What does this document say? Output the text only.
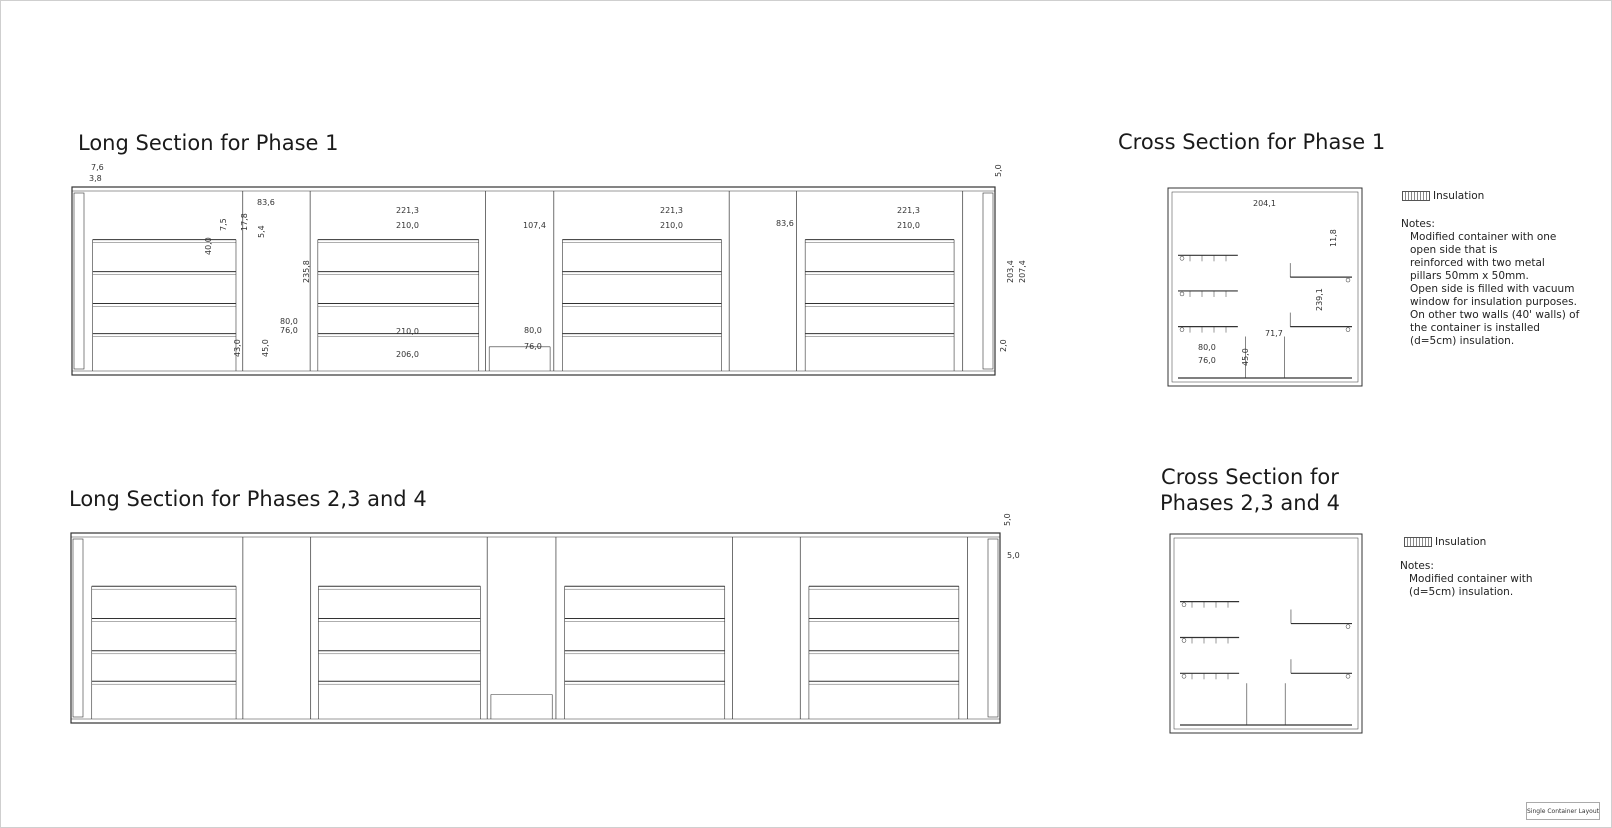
Long Section for Phase 1
Long Section for Phases 2,3 and 4
Cross Section for Phase 1
Cross Section for
Phases 2,3 and 4
Insulation
Insulation
Notes:
Modified container with one
open side that is
reinforced with two metal
pillars 50mm x 50mm.
Open side is filled with vacuum
window for insulation purposes.
On other two walls (40' walls) of
the container is installed
(d=5cm) insulation.
Notes:
Modified container with
(d=5cm) insulation.
7,6
3,8
5,0
83,6
221,3
210,0	107,4
221,3
210,0	83,6
221,3
210,0
7,5 17,8
5,4
40,0
235,8
80,0
76,0	210,0	80,0
76,0
206,0
43,0 45,0
203,4 207,4
2,0
5,0
5,0
204,1
11,8
239,1
71,7
80,0
76,0	45,0
Single Container Layout
